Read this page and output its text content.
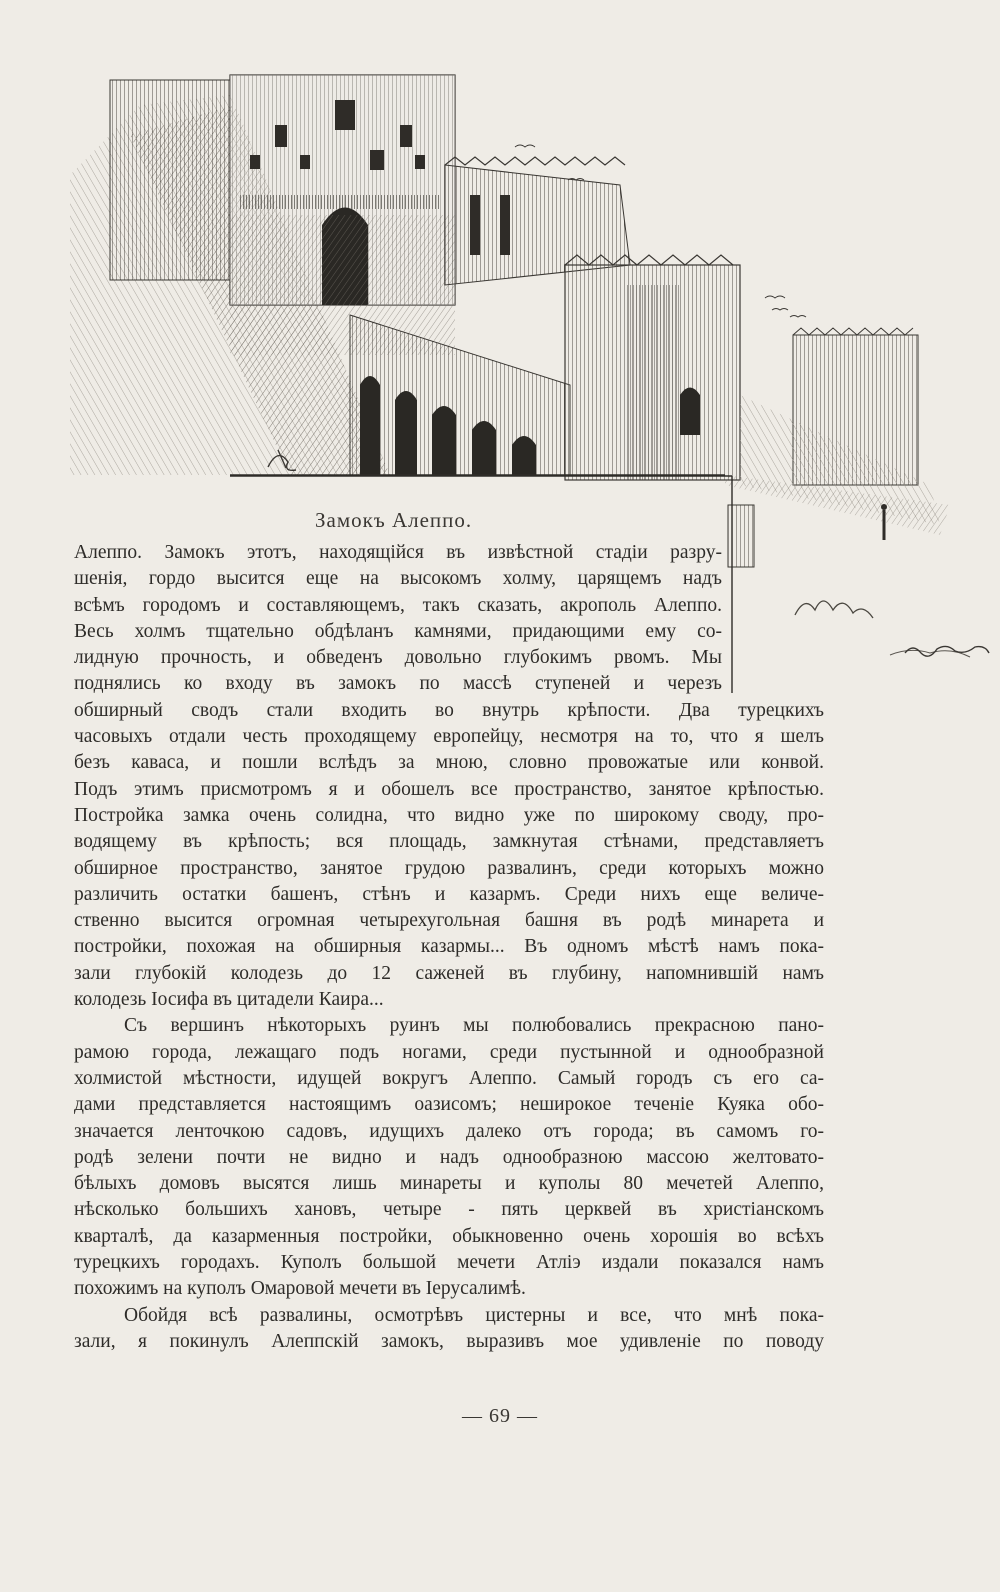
Замокъ Алеппо.
Алеппо. Замокъ этотъ, находящійся въ извѣстной стадіи разру-
шенія, гордо высится еще на высокомъ холму, царящемъ надъ
всѣмъ городомъ и составляющемъ, такъ сказать, акрополь Алеппо.
Весь холмъ тщательно обдѣланъ камнями, придающими ему со-
лидную прочность, и обведенъ довольно глубокимъ рвомъ. Мы
поднялись ко входу въ замокъ по массѣ ступеней и черезъ
обширный сводъ стали входить во внутрь крѣпости. Два турецкихъ
часовыхъ отдали честь проходящему европейцу, несмотря на то, что я шелъ
безъ каваса, и пошли вслѣдъ за мною, словно провожатые или конвой.
Подъ этимъ присмотромъ я и обошелъ все пространство, занятое крѣпостью.
Постройка замка очень солидна, что видно уже по широкому своду, про-
водящему въ крѣпость; вся площадь, замкнутая стѣнами, представляетъ
обширное пространство, занятое грудою развалинъ, среди которыхъ можно
различить остатки башенъ, стѣнъ и казармъ. Среди нихъ еще величе-
ственно высится огромная четырехугольная башня въ родѣ минарета и
постройки, похожая на обширныя казармы... Въ одномъ мѣстѣ намъ пока-
зали глубокій колодезь до 12 саженей въ глубину, напомнившій намъ
колодезь Іосифа въ цитадели Каира...
Съ вершинъ нѣкоторыхъ руинъ мы полюбовались прекрасною пано-
рамою города, лежащаго подъ ногами, среди пустынной и однообразной
холмистой мѣстности, идущей вокругъ Алеппо. Самый городъ съ его са-
дами представляется настоящимъ оазисомъ; неширокое теченіе Куяка обо-
значается ленточкою садовъ, идущихъ далеко отъ города; въ самомъ го-
родѣ зелени почти не видно и надъ однообразною массою желтовато-
бѣлыхъ домовъ высятся лишь минареты и куполы 80 мечетей Алеппо,
нѣсколько большихъ хановъ, четыре - пять церквей въ христіанскомъ
кварталѣ, да казарменныя постройки, обыкновенно очень хорошія во всѣхъ
турецкихъ городахъ. Куполъ большой мечети Атліэ издали показался намъ
похожимъ на куполъ Омаровой мечети въ Іерусалимѣ.
Обойдя всѣ развалины, осмотрѣвъ цистерны и все, что мнѣ пока-
зали, я покинулъ Алеппскій замокъ, выразивъ мое удивленіе по поводу
— 69 —
